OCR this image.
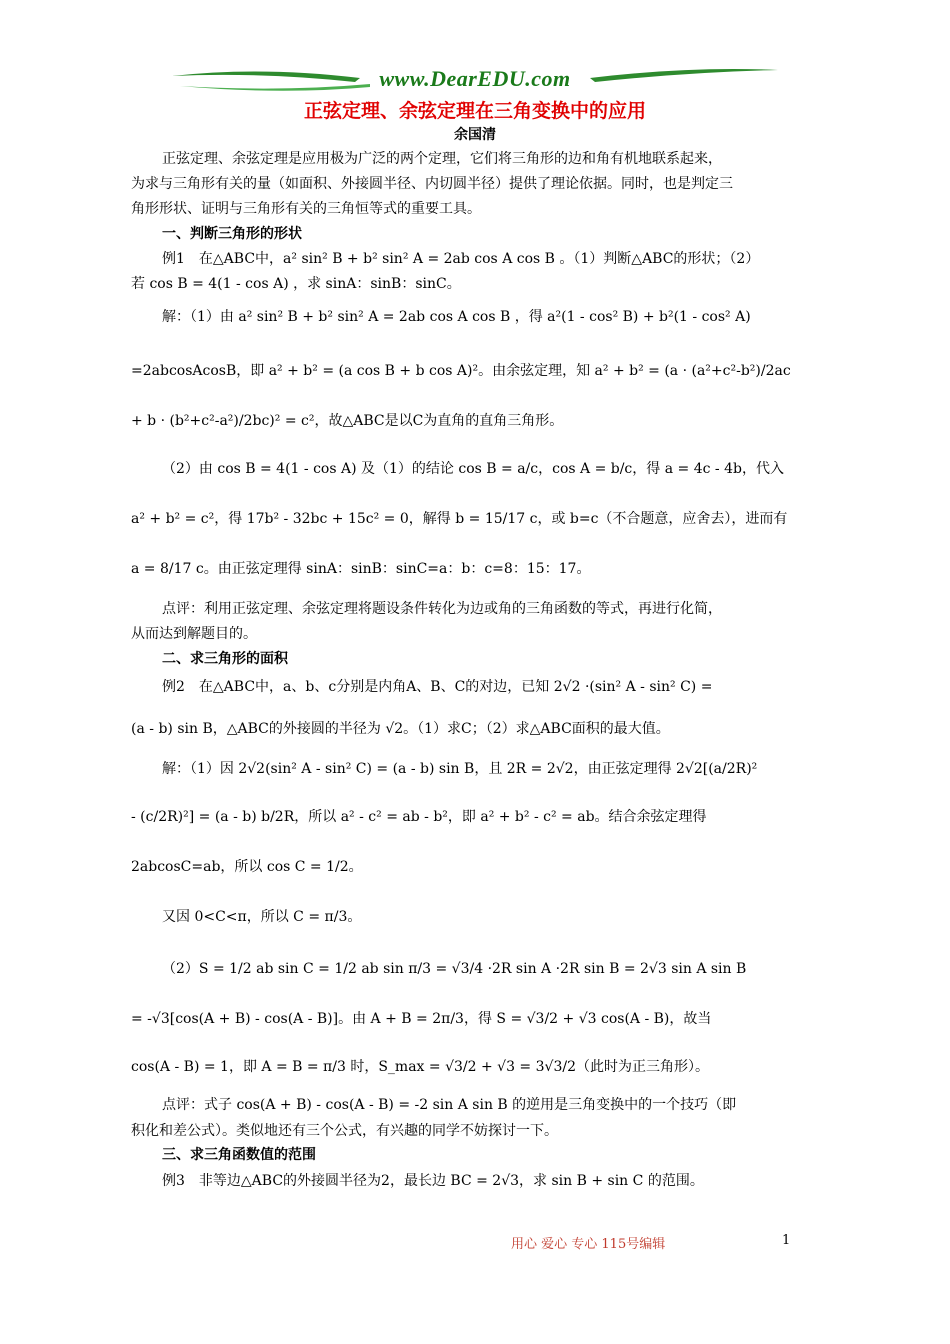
www.DearEDU.com
正弦定理、余弦定理在三角变换中的应用
余国清
正弦定理、余弦定理是应用极为广泛的两个定理，它们将三角形的边和角有机地联系起来，
为求与三角形有关的量（如面积、外接圆半径、内切圆半径）提供了理论依据。同时，也是判定三
角形形状、证明与三角形有关的三角恒等式的重要工具。
一、判断三角形的形状
例1　在△ABC中，a² sin² B + b² sin² A = 2ab cos A cos B 。（1）判断△ABC的形状；（2）
若 cos B = 4(1 - cos A) ，求 sinA：sinB：sinC。
解：（1）由 a² sin² B + b² sin² A = 2ab cos A cos B ，得 a²(1 - cos² B) + b²(1 - cos² A)
=2abcosAcosB，即 a² + b² = (a cos B + b cos A)²。由余弦定理，知 a² + b² = (a · (a²+c²-b²)/2ac
+ b · (b²+c²-a²)/2bc)² = c²，故△ABC是以C为直角的直角三角形。
（2）由 cos B = 4(1 - cos A) 及（1）的结论 cos B = a/c，cos A = b/c，得 a = 4c - 4b，代入
a² + b² = c²，得 17b² - 32bc + 15c² = 0，解得 b = 15/17 c，或 b=c（不合题意，应舍去），进而有
a = 8/17 c。由正弦定理得 sinA：sinB：sinC=a：b：c=8：15：17。
点评：利用正弦定理、余弦定理将题设条件转化为边或角的三角函数的等式，再进行化简，
从而达到解题目的。
二、求三角形的面积
例2　在△ABC中，a、b、c分别是内角A、B、C的对边，已知 2√2 ·(sin² A - sin² C) =
(a - b) sin B，△ABC的外接圆的半径为 √2。（1）求C；（2）求△ABC面积的最大值。
解：（1）因 2√2(sin² A - sin² C) = (a - b) sin B，且 2R = 2√2，由正弦定理得 2√2[(a/2R)²
- (c/2R)²] = (a - b) b/2R，所以 a² - c² = ab - b²，即 a² + b² - c² = ab。结合余弦定理得
2abcosC=ab，所以 cos C = 1/2。
又因 0<C<π，所以 C = π/3。
（2）S = 1/2 ab sin C = 1/2 ab sin π/3 = √3/4 ·2R sin A ·2R sin B = 2√3 sin A sin B
= -√3[cos(A + B) - cos(A - B)]。由 A + B = 2π/3，得 S = √3/2 + √3 cos(A - B)，故当
cos(A - B) = 1，即 A = B = π/3 时，S_max = √3/2 + √3 = 3√3/2（此时为正三角形）。
点评：式子 cos(A + B) - cos(A - B) = -2 sin A sin B 的逆用是三角变换中的一个技巧（即
积化和差公式）。类似地还有三个公式，有兴趣的同学不妨探讨一下。
三、求三角函数值的范围
例3　非等边△ABC的外接圆半径为2，最长边 BC = 2√3，求 sin B + sin C 的范围。
用心 爱心 专心 115号编辑	1
